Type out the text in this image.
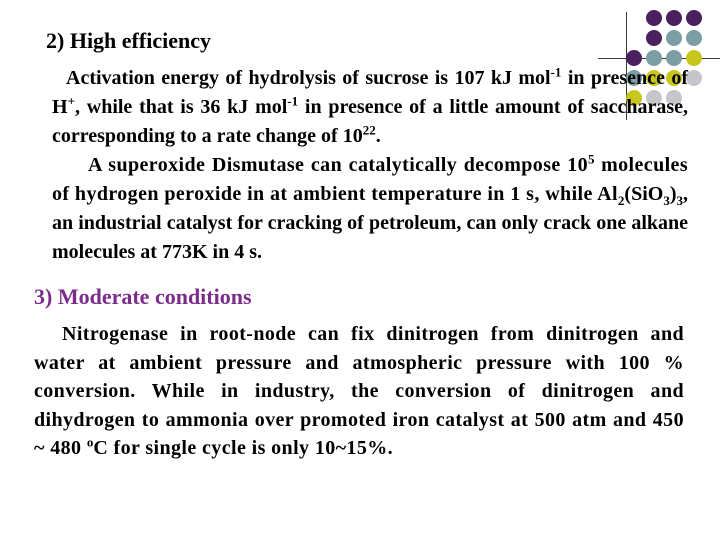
2) High efficiency

Activation energy of hydrolysis of sucrose is 107 kJ mol$^{-1}$ in presence of H+, while that is 36 kJ mol$^{-1}$ in presence of a little amount of saccharase, corresponding to a rate change of $10^{22}$.
A superoxide Dismutase can catalytically decompose $10^5$ molecules of hydrogen peroxide in at ambient temperature in 1 s, while $Al_2(SiO_3)_3$, an industrial catalyst for cracking of petroleum, can only crack one alkane molecules at 773K in 4 s.

3) Moderate conditions

Nitrogenase in root-node can fix dinitrogen from dinitrogen and water at ambient pressure and atmospheric pressure with 100 % conversion. While in industry, the conversion of dinitrogen and dihydrogen to ammonia over promoted iron catalyst at 500 atm and 450 ~ 480 $^o$C for single cycle is only 10~15%.
